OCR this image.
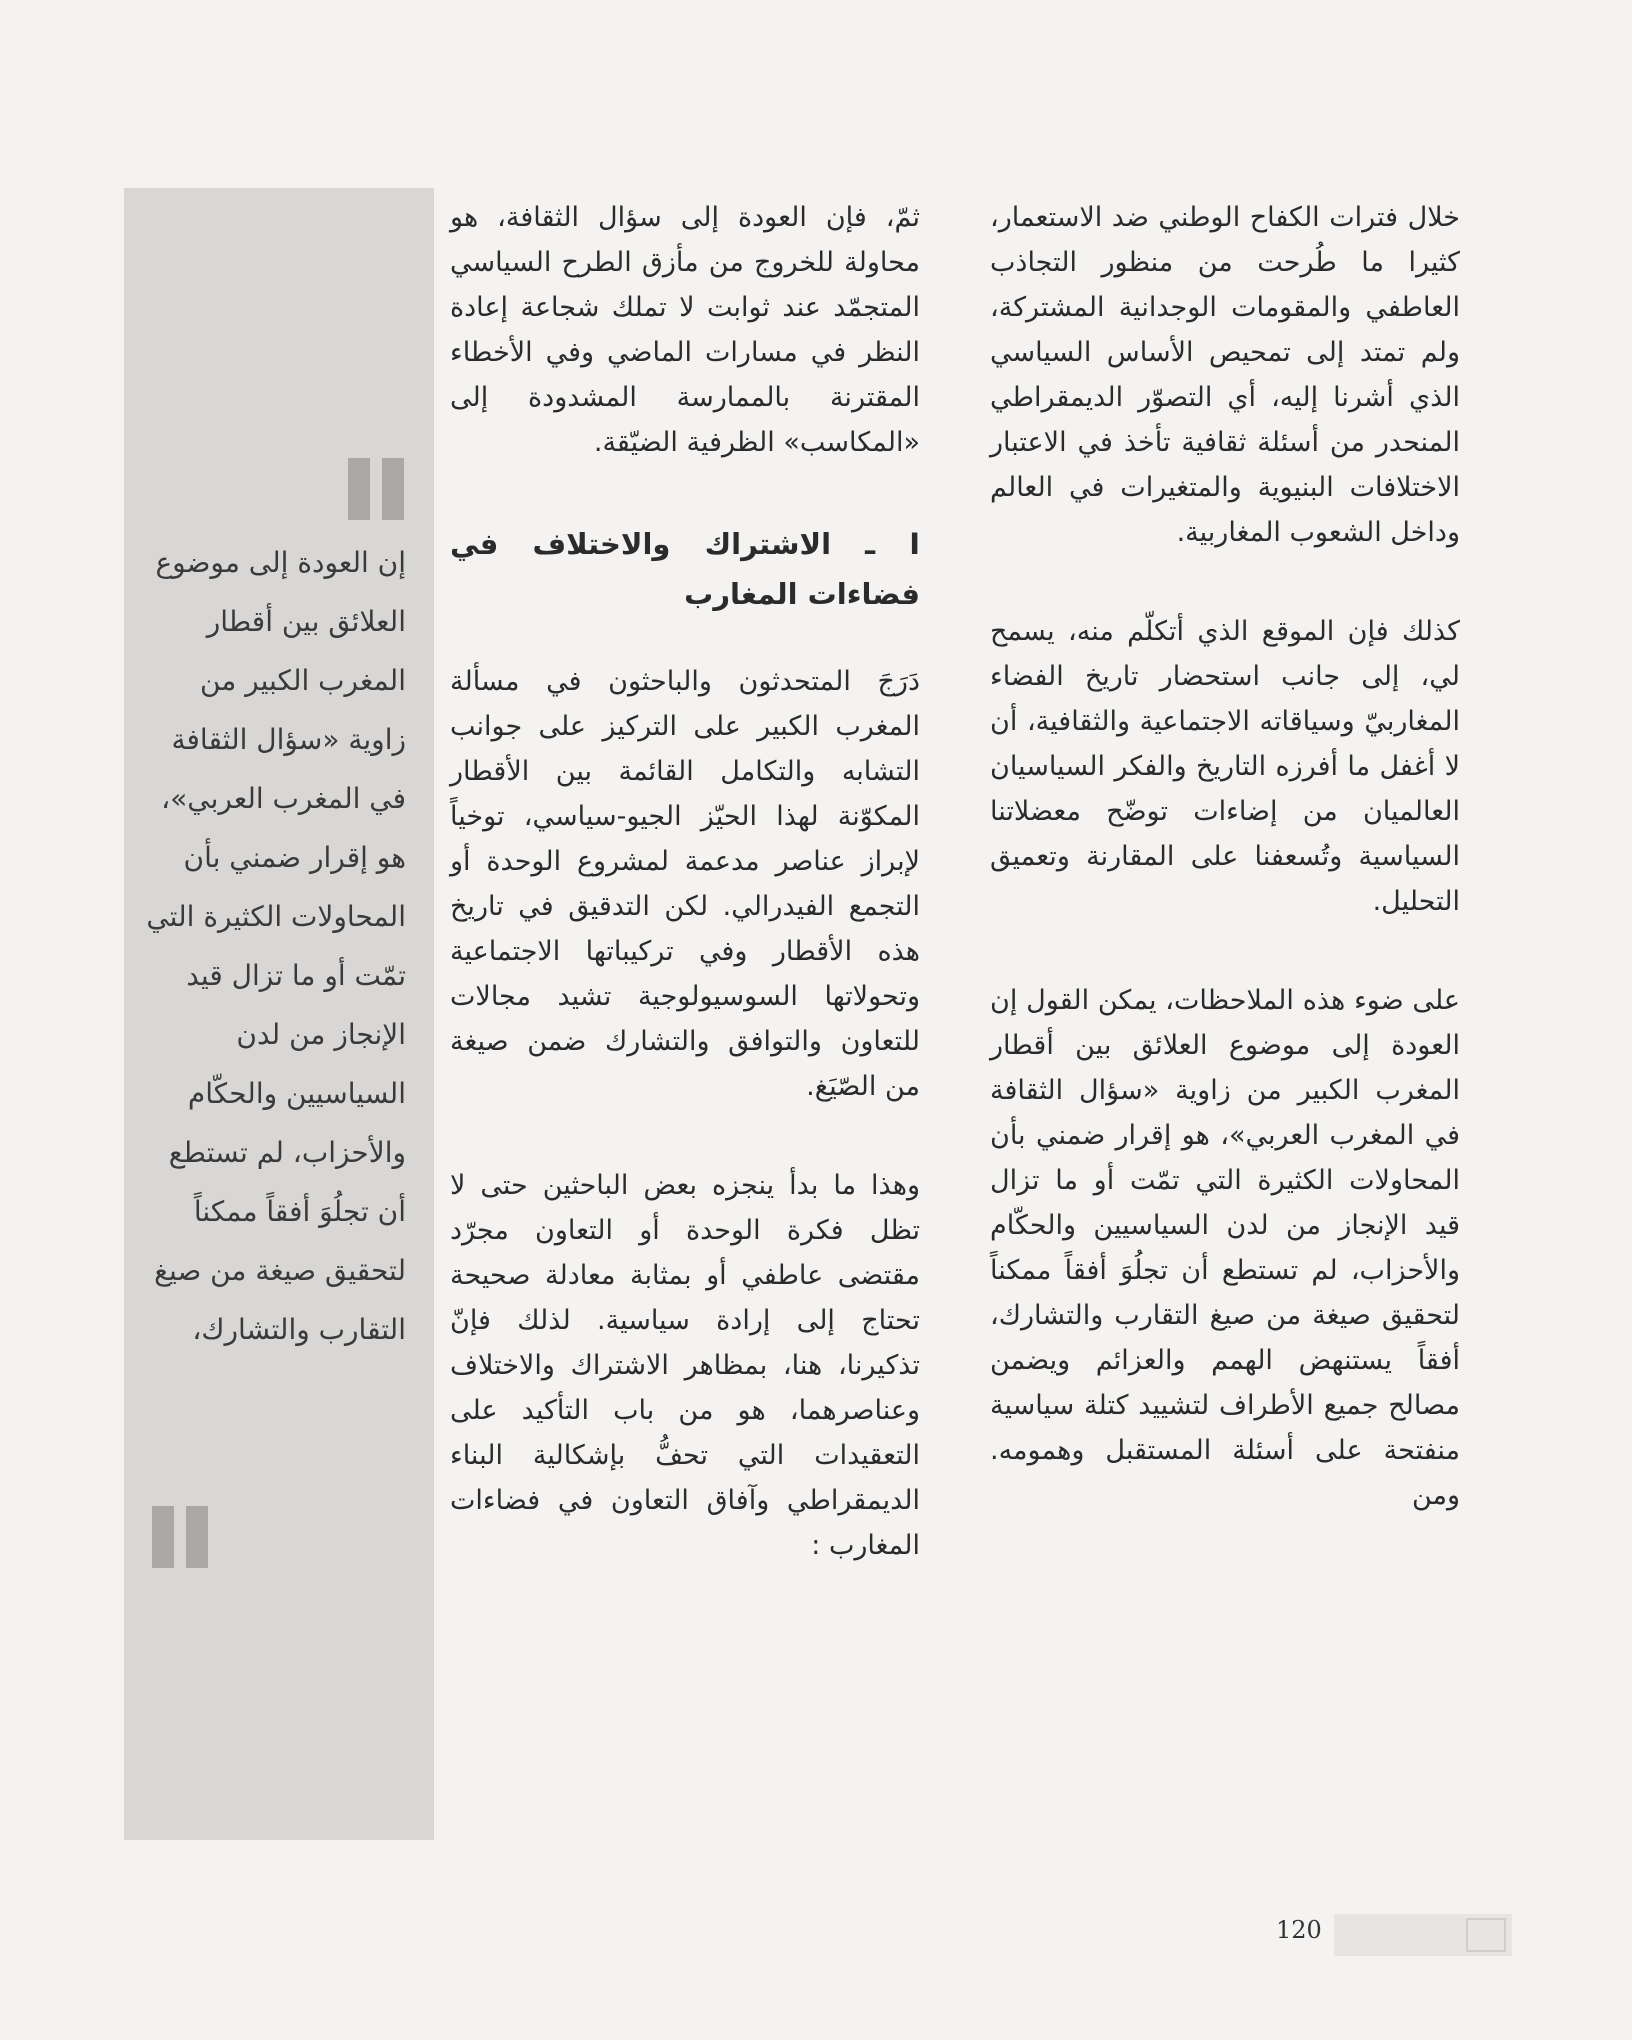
خلال فترات الكفاح الوطني ضد الاستعمار، كثيرا ما طُرحت من منظور التجاذب العاطفي والمقومات الوجدانية المشتركة، ولم تمتد إلى تمحيص الأساس السياسي الذي أشرنا إليه، أي التصوّر الديمقراطي المنحدر من أسئلة ثقافية تأخذ في الاعتبار الاختلافات البنيوية والمتغيرات في العالم وداخل الشعوب المغاربية.

كذلك فإن الموقع الذي أتكلّم منه، يسمح لي، إلى جانب استحضار تاريخ الفضاء المغاربيّ وسياقاته الاجتماعية والثقافية، أن لا أغفل ما أفرزه التاريخ والفكر السياسيان العالميان من إضاءات توضّح معضلاتنا السياسية وتُسعفنا على المقارنة وتعميق التحليل.

على ضوء هذه الملاحظات، يمكن القول إن العودة إلى موضوع العلائق بين أقطار المغرب الكبير من زاوية «سؤال الثقافة في المغرب العربي»، هو إقرار ضمني بأن المحاولات الكثيرة التي تمّت أو ما تزال قيد الإنجاز من لدن السياسيين والحكّام والأحزاب، لم تستطع أن تجلُوَ أفقاً ممكناً لتحقيق صيغة من صيغ التقارب والتشارك، أفقاً يستنهض الهمم والعزائم ويضمن مصالح جميع الأطراف لتشييد كتلة سياسية منفتحة على أسئلة المستقبل وهمومه. ومن

ثمّ، فإن العودة إلى سؤال الثقافة، هو محاولة للخروج من مأزق الطرح السياسي المتجمّد عند ثوابت لا تملك شجاعة إعادة النظر في مسارات الماضي وفي الأخطاء المقترنة بالممارسة المشدودة إلى «المكاسب» الظرفية الضيّقة.

I ـ الاشتراك والاختلاف في فضاءات المغارب

دَرَجَ المتحدثون والباحثون في مسألة المغرب الكبير على التركيز على جوانب التشابه والتكامل القائمة بين الأقطار المكوّنة لهذا الحيّز الجيو-سياسي، توخياً لإبراز عناصر مدعمة لمشروع الوحدة أو التجمع الفيدرالي. لكن التدقيق في تاريخ هذه الأقطار وفي تركيباتها الاجتماعية وتحولاتها السوسيولوجية تشيد مجالات للتعاون والتوافق والتشارك ضمن صيغة من الصّيَغ.

وهذا ما بدأ ينجزه بعض الباحثين حتى لا تظل فكرة الوحدة أو التعاون مجرّد مقتضى عاطفي أو بمثابة معادلة صحيحة تحتاج إلى إرادة سياسية. لذلك فإنّ تذكيرنا، هنا، بمظاهر الاشتراك والاختلاف وعناصرهما، هو من باب التأكيد على التعقيدات التي تحفُّ بإشكالية البناء الديمقراطي وآفاق التعاون في فضاءات المغارب :

إن العودة إلى موضوع العلائق بين أقطار المغرب الكبير من زاوية «سؤال الثقافة في المغرب العربي»، هو إقرار ضمني بأن المحاولات الكثيرة التي تمّت أو ما تزال قيد الإنجاز من لدن السياسيين والحكّام والأحزاب، لم تستطع أن تجلُوَ أفقاً ممكناً لتحقيق صيغة من صيغ التقارب والتشارك،

120
